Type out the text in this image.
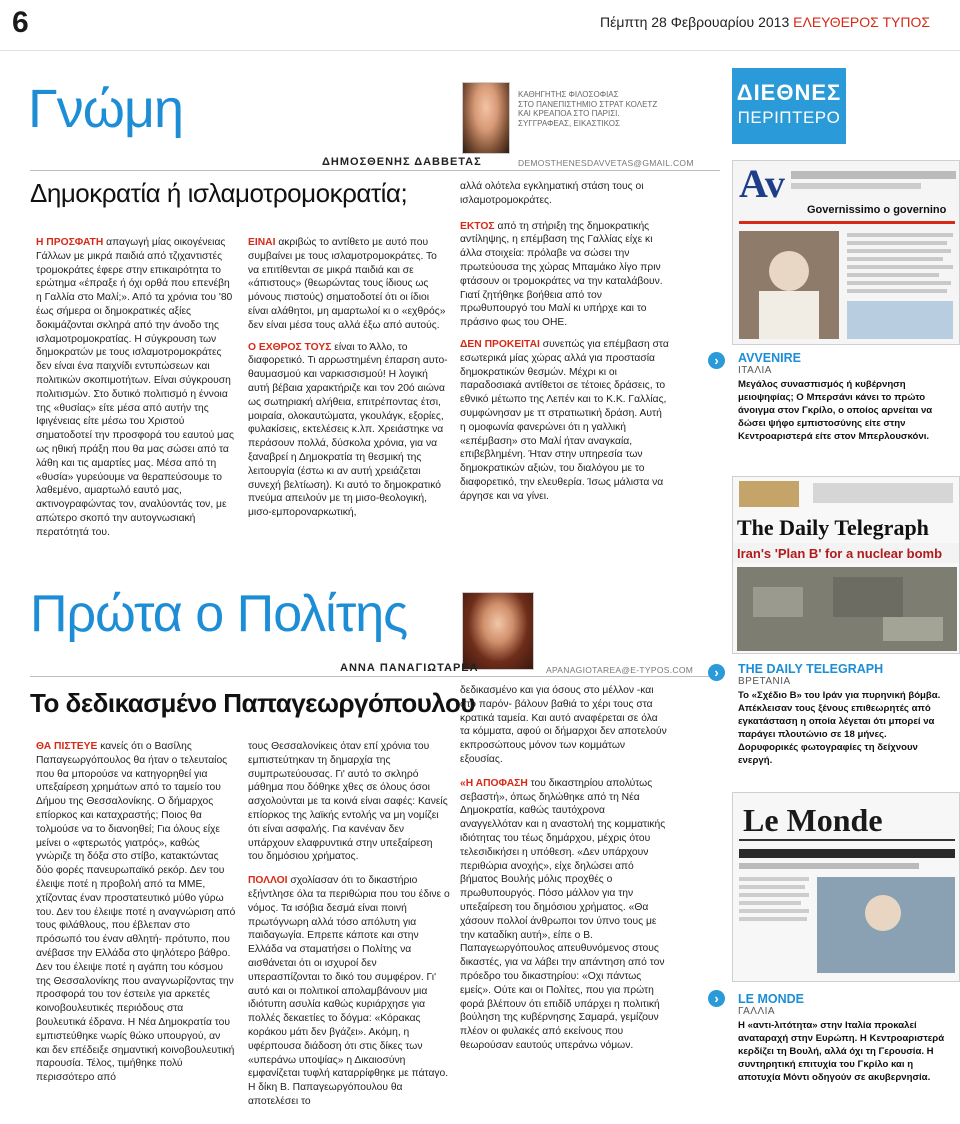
6	Πέμπτη 28 Φεβρουαρίου 2013 ΕΛΕΥΘΕΡΟΣ ΤΥΠΟΣ
Γνώμη	ΚΑΘΗΓΗΤΗΣ ΦΙΛΟΣΟΦΙΑΣ
ΣΤΟ ΠΑΝΕΠΙΣΤΗΜΙΟ ΣΤΡΑΤ ΚΟΛΕΤΖ
ΚΑΙ ΚΡΕΑΠΟΑ ΣΤΟ ΠΑΡΙΣΙ.
ΣΥΓΓΡΑΦΕΑΣ, ΕΙΚΑΣΤΙΚΟΣ
ΔΗΜΟΣΘΕΝΗΣ ΔΑΒΒΕΤΑΣ	DEMOSTHENESDAVVETAS@GMAIL.COM
Δημοκρατία ή ισλαμοτρομοκρατία;

Η ΠΡΟΣΦΑΤΗ απαγωγή μίας οικογένειας Γάλλων με μικρά παιδιά από τζιχαντιστές τρομοκράτες έφερε στην επικαιρότητα το ερώτημα «έπραξε ή όχι ορθά που επενέβη η Γαλλία στο Μαλί;». Από τα χρόνια του '80 έως σήμερα οι δημοκρατικές αξίες δοκιμάζονται σκληρά από την άνοδο της ισλαμοτρομοκρατίας. Η σύγκρουση των δημοκρατών με τους ισλαμοτρομοκράτες δεν είναι ένα παιχνίδι εντυπώσεων και πολιτικών σκοπιμοτήτων. Είναι σύγκρουση πολιτισμών. Στο δυτικό πολιτισμό η έννοια της «θυσίας» είτε μέσα από αυτήν της Ιφιγένειας είτε μέσω του Χριστού σηματοδοτεί την προσφορά του εαυτού μας ως ηθική πράξη που θα μας σώσει από τα λάθη και τις αμαρτίες μας. Μέσα από τη «θυσία» γυρεύουμε να θεραπεύσουμε το λαθεμένο, αμαρτωλό εαυτό μας, ακτινογραφώντας τον, αναλύοντάς τον, με απώτερο σκοπό την αυτογνωσιακή περατότητά του.

ΕΙΝΑΙ ακριβώς το αντίθετο με αυτό που συμβαίνει με τους ισλαμοτρομοκράτες. Το να επιτίθενται σε μικρά παιδιά και σε «άπιστους» (θεωρώντας τους ίδιους ως μόνους πιστούς) σηματοδοτεί ότι οι ίδιοι είναι αλάθητοι, μη αμαρτωλοί κι ο «εχθρός» δεν είναι μέσα τους αλλά έξω από αυτούς.

Ο ΕΧΘΡΟΣ ΤΟΥΣ είναι το Άλλο, το διαφορετικό. Τι αρρωστημένη έπαρση αυτο-θαυμασμού και ναρκισσισμού! Η λογική αυτή βέβαια χαρακτήριζε και τον 20ό αιώνα ως σωτηριακή αλήθεια, επιτρέποντας έτσι, μοιραία, ολοκαυτώματα, γκουλάγκ, εξορίες, φυλακίσεις, εκτελέσεις κ.λπ. Χρειάστηκε να περάσουν πολλά, δύσκολα χρόνια, για να ξαναβρεί η Δημοκρατία τη θεσμική της λειτουργία (έστω κι αν αυτή χρειάζεται συνεχή βελτίωση). Κι αυτό το δημοκρατικό πνεύμα απειλούν με τη μισο-θεολογική, μισο-εμποροναρκωτική,

αλλά ολότελα εγκληματική στάση τους οι ισλαμοτρομοκράτες.

ΕΚΤΟΣ από τη στήριξη της δημοκρατικής αντίληψης, η επέμβαση της Γαλλίας είχε κι άλλα στοιχεία: πρόλαβε να σώσει την πρωτεύουσα της χώρας Μπαμάκο λίγο πριν φτάσουν οι τρομοκράτες να την καταλάβουν. Γιατί ζητήθηκε βοήθεια από τον πρωθυπουργό του Μαλί κι υπήρχε και το πράσινο φως του ΟΗΕ.

ΔΕΝ ΠΡΟΚΕΙΤΑΙ συνεπώς για επέμβαση στα εσωτερικά μίας χώρας αλλά για προστασία δημοκρατικών θεσμών. Μέχρι κι οι παραδοσιακά αντίθετοι σε τέτοιες δράσεις, το εθνικό μέτωπο της Λεπέν και το Κ.Κ. Γαλλίας, συμφώνησαν με ττ στρατιωτική δράση. Αυτή η ομοφωνία φανερώνει ότι η γαλλική «επέμβαση» στο Μαλί ήταν αναγκαία, επιβεβλημένη. Ήταν στην υπηρεσία των δημοκρατικών αξιών, του διαλόγου με το διαφορετικό, την ελευθερία. Ίσως μάλιστα να άργησε και να γίνει.

Πρώτα ο Πολίτης
ΑΝΝΑ ΠΑΝΑΓΙΩΤΑΡΕΑ	APANAGIOTAREA@E-TYPOS.COM
Το δεδικασμένο Παπαγεωργόπουλου

ΘΑ ΠΙΣΤΕΥΕ κανείς ότι ο Βασίλης Παπαγεωργόπουλος θα ήταν ο τελευταίος που θα μπορούσε να κατηγορηθεί για υπεξαίρεση χρημάτων από το ταμείο του Δήμου της Θεσσαλονίκης. Ο δήμαρχος επίορκος και καταχραστής; Ποιος θα τολμούσε να το διανοηθεί; Για όλους είχε μείνει ο «φτερωτός γιατρός», καθώς γνώριζε τη δόξα στο στίβο, κατακτώντας δύο φορές πανευρωπαϊκό ρεκόρ. Δεν του έλειψε ποτέ η προβολή από τα ΜΜΕ, χτίζοντας έναν προστατευτικό μύθο γύρω του. Δεν του έλειψε ποτέ η αναγνώριση από τους φιλάθλους, που έβλεπαν στο πρόσωπό του έναν αθλητή- πρότυπο, που ανέβασε την Ελλάδα στο ψηλότερο βάθρο. Δεν του έλειψε ποτέ η αγάπη του κόσμου της Θεσσαλονίκης που αναγνωρίζοντας την προσφορά του τον έστειλε για αρκετές κοινοβουλευτικές περιόδους στα βουλευτικά έδρανα. Η Νέα Δημοκρατία του εμπιστεύθηκε νωρίς θώκο υπουργού, αν και δεν επέδειξε σημαντική κοινοβουλευτική παρουσία. Τέλος, τιμήθηκε πολύ περισσότερο από

τους Θεσσαλονίκεις όταν επί χρόνια του εμπιστεύτηκαν τη δημαρχία της συμπρωτεύουσας. Γι' αυτό το σκληρό μάθημα που δόθηκε χθες σε όλους όσοι ασχολούνται με τα κοινά είναι σαφές: Κανείς επίορκος της λαϊκής εντολής να μη νομίζει ότι είναι ασφαλής. Για κανέναν δεν υπάρχουν ελαφρυντικά στην υπεξαίρεση του δημόσιου χρήματος.

ΠΟΛΛΟΙ σχολίασαν ότι το δικαστήριο εξήντλησε όλα τα περιθώρια που του έδινε ο νόμος. Τα ισόβια δεσμά είναι ποινή πρωτόγνωρη αλλά τόσο απόλυτη για παιδαγωγία. Επρεπε κάποτε και στην Ελλάδα να σταματήσει ο Πολίτης να αισθάνεται ότι οι ισχυροί δεν υπερασπίζονται το δικό του συμφέρον. Γι' αυτό και οι πολιτικοί απολαμβάνουν μια ιδιότυπη ασυλία καθώς κυριάρχησε για πολλές δεκαετίες το δόγμα: «Κόρακας κοράκου μάτι δεν βγάζει». Ακόμη, η υφέρπουσα διάδοση ότι στις δίκες των «υπεράνω υποψίας» η Δικαιοσύνη εμφανίζεται τυφλή καταρρίφθηκε με πάταγο. Η δίκη Β. Παπαγεωργόπουλου θα αποτελέσει το

δεδικασμένο και για όσους στο μέλλον -και στο παρόν- βάλουν βαθιά το χέρι τους στα κρατικά ταμεία. Και αυτό αναφέρεται σε όλα τα κόμματα, αφού οι δήμαρχοι δεν αποτελούν εκπροσώπους μόνον των κομμάτων εξουσίας.

«Η ΑΠΟΦΑΣΗ του δικαστηρίου απολύτως σεβαστή», όπως δηλώθηκε από τη Νέα Δημοκρατία, καθώς ταυτόχρονα αναγγελλόταν και η αναστολή της κομματικής ιδιότητας του τέως δημάρχου, μέχρις ότου τελεσιδικήσει η υπόθεση. «Δεν υπάρχουν περιθώρια ανοχής», είχε δηλώσει από βήματος Βουλής μόλις προχθές ο πρωθυπουργός. Πόσο μάλλον για την υπεξαίρεση του δημόσιου χρήματος. «Θα χάσουν πολλοί άνθρωποι τον ύπνο τους με την καταδίκη αυτή», είπε ο Β. Παπαγεωργόπουλος απευθυνόμενος στους δικαστές, για να λάβει την απάντηση από τον πρόεδρο του δικαστηρίου: «Οχι πάντως εμείς». Ούτε και οι Πολίτες, που για πρώτη φορά βλέπουν ότι επιδίδ υπάρχει η πολιτική βούληση της κυβέρνησης Σαμαρά, γεμίζουν πλέον οι φυλακές από εκείνους που θεωρούσαν εαυτούς υπεράνω νόμων.

ΔΙΕΘΝΕΣ
ΠΕΡΙΠΤΕΡΟ
Av
Governissimo o governino
›	AVVENIRE
ΙΤΑΛΙΑ
Μεγάλος συνασπισμός ή κυβέρνηση μειοψηφίας; Ο Μπερσάνι κάνει το πρώτο άνοιγμα στον Γκρίλο, ο οποίος αρνείται να δώσει ψήφο εμπιστοσύνης είτε στην Κεντροαριστερά είτε στον Μπερλουσκόνι.
The Daily Telegraph
Iran's 'Plan B' for a nuclear bomb
›	THE DAILY TELEGRAPH
ΒΡΕΤΑΝΙΑ
Το «Σχέδιο Β» του Ιράν για πυρηνική βόμβα. Απέκλεισαν τους ξένους επιθεωρητές από εγκατάσταση η οποία λέγεται ότι μπορεί να παράγει πλουτώνιο σε 18 μήνες. Δορυφορικές φωτογραφίες τη δείχνουν ενεργή.
Le Monde
›	LE MONDE
ΓΑΛΛΙΑ
Η «αντι-λιτότητα» στην Ιταλία προκαλεί αναταραχή στην Ευρώπη. Η Κεντροαριστερά κερδίζει τη Βουλή, αλλά όχι τη Γερουσία. Η συντηρητική επιτυχία του Γκρίλο και η αποτυχία Μόντι οδηγούν σε ακυβερνησία.
